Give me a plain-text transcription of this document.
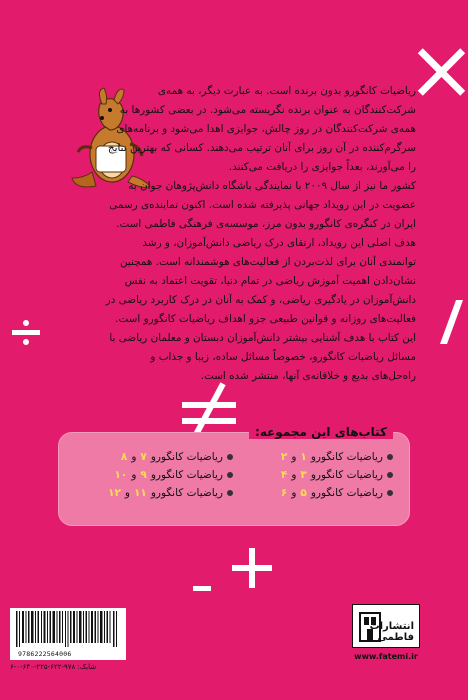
ریاضیات کانگورو بدون برنده است. به عبارت دیگر، به همه‌ی شرکت‌کنندگان به عنوان برنده نگریسته می‌شود. در بعضی کشورها به همه‌ی شرکت‌کنندگان در روز چالش، جوایزی اهدا می‌شود و برنامه‌های سرگرم‌کننده در آن روز برای آنان ترتیب می‌دهند. کسانی که بهترین نتایج را می‌آورند، بعداً جوایزی را دریافت می‌کنند.

کشور ما نیز از سال ۲۰۰۹ با نمایندگی باشگاه دانش‌پژوهان جوان به عضویت در این رویداد جهانی پذیرفته شده است. اکنون نماینده‌ی رسمی ایران در کنگره‌ی کانگورو بدون مرز، موسسه‌ی فرهنگی فاطمی است.

هدف اصلی این رویداد، ارتقای درک ریاضی دانش‌آموزان، و رشد توانمندی آنان برای لذت‌بردن از فعالیت‌های هوشمندانه است. همچنین نشان‌دادن اهمیت آموزش ریاضی در تمام دنیا، تقویت اعتماد به نفس دانش‌آموزان در یادگیری ریاضی، و کمک به آنان در درک کاربرد ریاضی در فعالیت‌های روزانه و قوانین طبیعی جزو اهداف ریاضیات کانگورو است.

این کتاب با هدف آشنایی بیشتر دانش‌آموزان دبستان و معلمان ریاضی با مسائل ریاضیات کانگورو، خصوصاً مسائل ساده، زیبا و جذاب و راه‌حل‌های بدیع و خلاقانه‌ی آنها، منتشر شده است.

کتاب‌های این مجموعه:
ریاضیات کانگورو
۱
و
۲
ریاضیات کانگورو
۷
و
۸
ریاضیات کانگورو
۳
و
۴
ریاضیات کانگورو
۹
و
۱۰
ریاضیات کانگورو
۵
و
۶
ریاضیات کانگورو
۱۱
و
۱۲
9786222564006
شابک: ۹۷۸-۶۲۲-۲۲۵-۶۴۰-۰-۶
انتشارات فاطمی
www.fatemi.ir
